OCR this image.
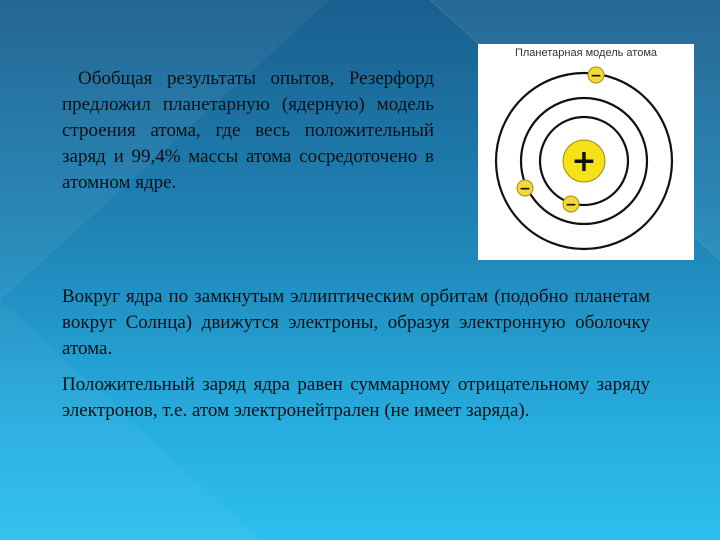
Обобщая результаты опытов, Резерфорд предложил планетарную (ядерную) модель строения атома, где весь положительный заряд и 99,4% массы атома сосредоточено в атомном ядре.

Планетарная модель атома
+
−
−
−

Вокруг ядра по замкнутым эллиптическим орбитам (подобно планетам вокруг Солнца) движутся электроны, образуя электронную оболочку атома.

Положительный заряд ядра равен суммарному отрицательному заряду электронов, т.е. атом электронейтрален (не имеет заряда).
